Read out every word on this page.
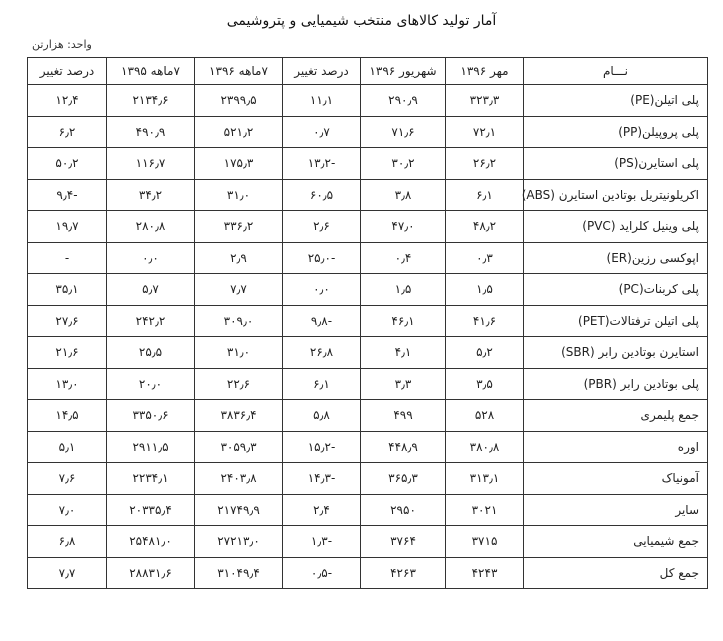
آمار تولید کالاهای منتخب شیمیایی و پتروشیمی
واحد: هزارتن
نـــام	مهر ۱۳۹۶	شهریور ۱۳۹۶	درصد تغییر	۷ماهه ۱۳۹۶	۷ماهه ۱۳۹۵	درصد تغییر
پلی اتیلن(PE)	۳۲۳٫۳	۲۹۰٫۹	۱۱٫۱	۲۳۹۹٫۵	۲۱۳۴٫۶	۱۲٫۴
پلی پروپیلن(PP)	۷۲٫۱	۷۱٫۶	۰٫۷	۵۲۱٫۲	۴۹۰٫۹	۶٫۲
پلی استایرن(PS)	۲۶٫۲	۳۰٫۲	-۱۳٫۲	۱۷۵٫۳	۱۱۶٫۷	۵۰٫۲
اکریلونیتریل بوتادین استایرن (ABS)	۶٫۱	۳٫۸	۶۰٫۵	۳۱٫۰	۳۴٫۲	-۹٫۴
پلی وینیل کلراید (PVC)	۴۸٫۲	۴۷٫۰	۲٫۶	۳۳۶٫۲	۲۸۰٫۸	۱۹٫۷
اپوکسی رزین(ER)	۰٫۳	۰٫۴	-۲۵٫۰	۲٫۹	۰٫۰	-
پلی کربنات(PC)	۱٫۵	۱٫۵	۰٫۰	۷٫۷	۵٫۷	۳۵٫۱
پلی اتیلن ترفتالات(PET)	۴۱٫۶	۴۶٫۱	-۹٫۸	۳۰۹٫۰	۲۴۲٫۲	۲۷٫۶
استایرن بوتادین رابر (SBR)	۵٫۲	۴٫۱	۲۶٫۸	۳۱٫۰	۲۵٫۵	۲۱٫۶
پلی بوتادین رابر (PBR)	۳٫۵	۳٫۳	۶٫۱	۲۲٫۶	۲۰٫۰	۱۳٫۰
جمع پلیمری	۵۲۸	۴۹۹	۵٫۸	۳۸۳۶٫۴	۳۳۵۰٫۶	۱۴٫۵
اوره	۳۸۰٫۸	۴۴۸٫۹	-۱۵٫۲	۳۰۵۹٫۳	۲۹۱۱٫۵	۵٫۱
آمونیاک	۳۱۳٫۱	۳۶۵٫۳	-۱۴٫۳	۲۴۰۳٫۸	۲۲۳۴٫۱	۷٫۶
سایر	۳۰۲۱	۲۹۵۰	۲٫۴	۲۱۷۴۹٫۹	۲۰۳۳۵٫۴	۷٫۰
جمع شیمیایی	۳۷۱۵	۳۷۶۴	-۱٫۳	۲۷۲۱۳٫۰	۲۵۴۸۱٫۰	۶٫۸
جمع کل	۴۲۴۳	۴۲۶۳	-۰٫۵	۳۱۰۴۹٫۴	۲۸۸۳۱٫۶	۷٫۷
